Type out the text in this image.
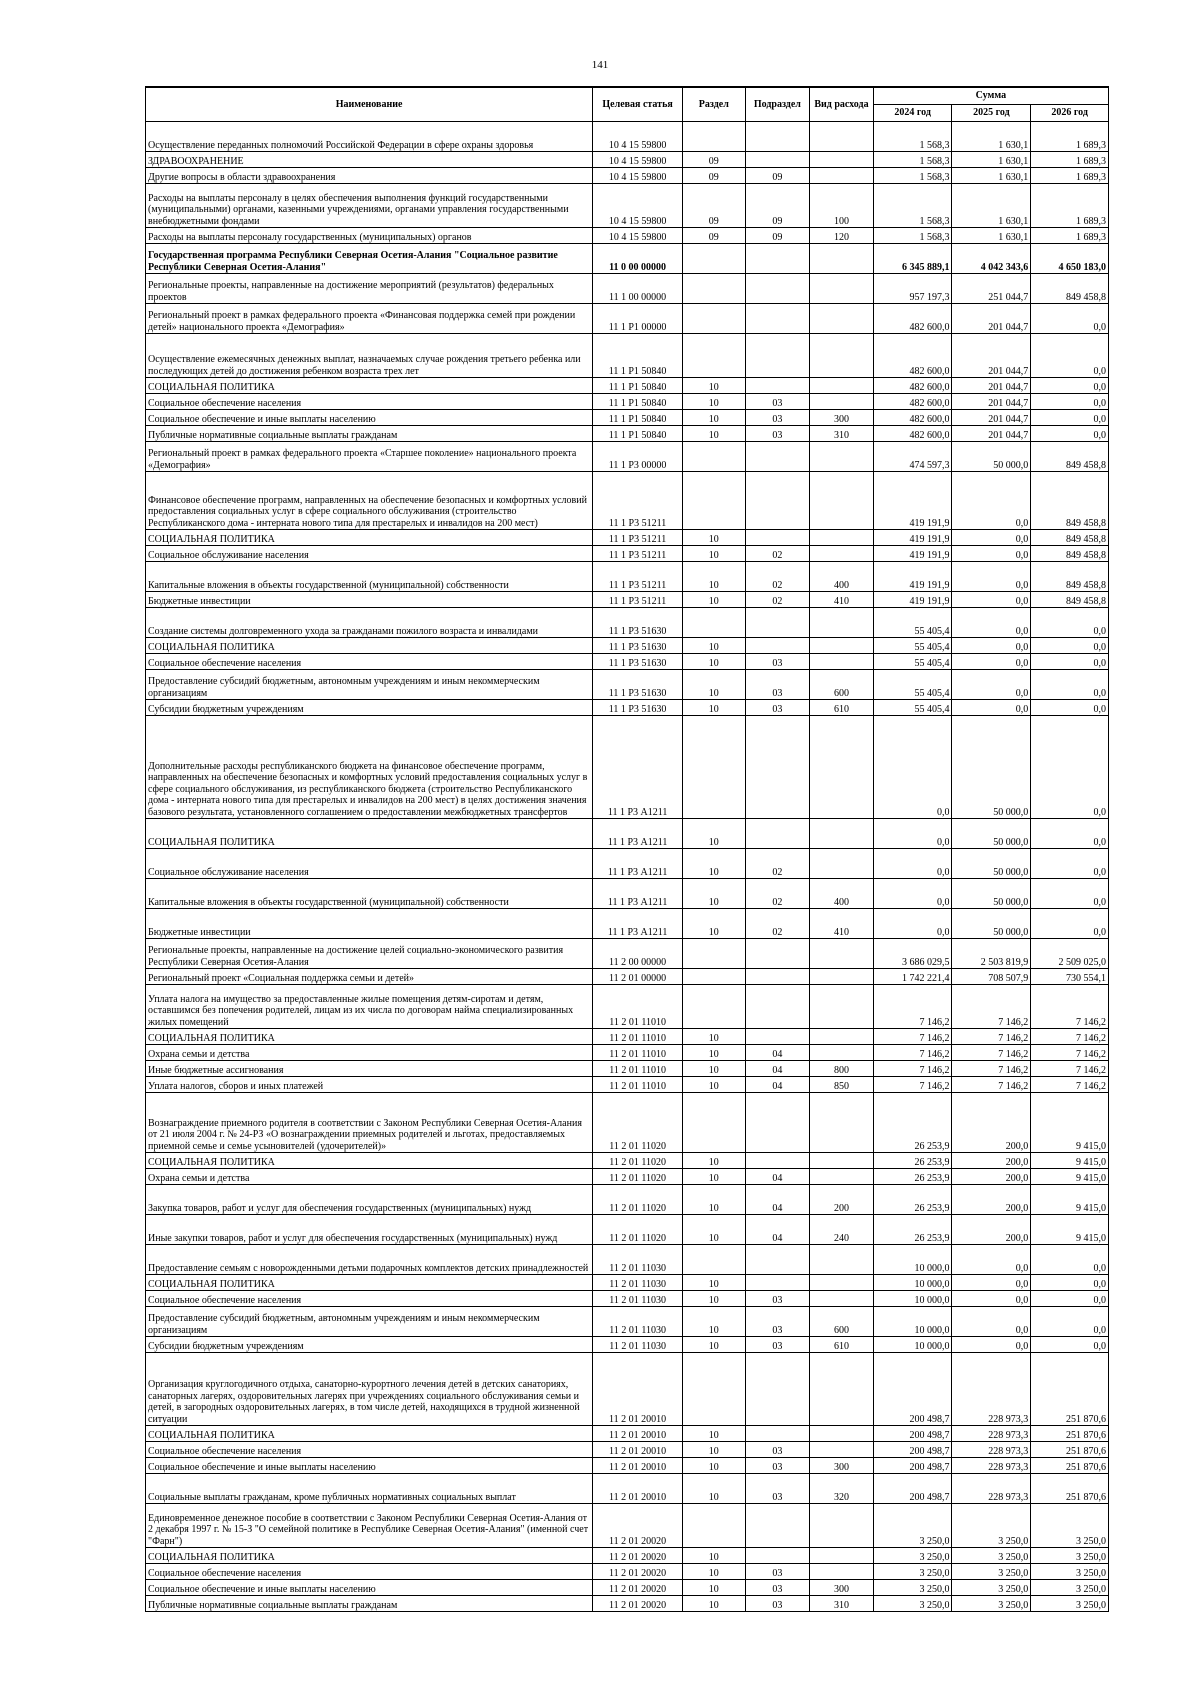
141
Наименование	Целевая статья	Раздел	Подраздел	Вид расхода	Сумма		
					2024 год	2025 год	2026 год
Осуществление переданных полномочий Российской Федерации в сфере охраны здоровья	10 4 15 59800				1 568,3	1 630,1	1 689,3
ЗДРАВООХРАНЕНИЕ	10 4 15 59800	09			1 568,3	1 630,1	1 689,3
Другие вопросы в области здравоохранения	10 4 15 59800	09	09		1 568,3	1 630,1	1 689,3
Расходы на выплаты персоналу в целях обеспечения выполнения функций государственными (муниципальными) органами, казенными учреждениями, органами управления государственными внебюджетными фондами	10 4 15 59800	09	09	100	1 568,3	1 630,1	1 689,3
Расходы на выплаты персоналу государственных (муниципальных) органов	10 4 15 59800	09	09	120	1 568,3	1 630,1	1 689,3
Государственная программа Республики Северная Осетия-Алания "Социальное развитие Республики Северная Осетия-Алания"	11 0 00 00000				6 345 889,1	4 042 343,6	4 650 183,0
Региональные проекты, направленные на достижение мероприятий (результатов) федеральных проектов	11 1 00 00000				957 197,3	251 044,7	849 458,8
Региональный проект в рамках федерального проекта «Финансовая поддержка семей при рождении детей» национального проекта «Демография»	11 1 Р1 00000				482 600,0	201 044,7	0,0
Осуществление ежемесячных денежных выплат, назначаемых случае рождения третьего ребенка или последующих детей до достижения ребенком возраста трех лет	11 1 Р1 50840				482 600,0	201 044,7	0,0
СОЦИАЛЬНАЯ ПОЛИТИКА	11 1 Р1 50840	10			482 600,0	201 044,7	0,0
Социальное обеспечение населения	11 1 Р1 50840	10	03		482 600,0	201 044,7	0,0
Социальное обеспечение и иные выплаты населению	11 1 Р1 50840	10	03	300	482 600,0	201 044,7	0,0
Публичные нормативные социальные выплаты гражданам	11 1 Р1 50840	10	03	310	482 600,0	201 044,7	0,0
Региональный проект в рамках федерального проекта «Старшее поколение» национального проекта «Демография»	11 1 Р3 00000				474 597,3	50 000,0	849 458,8
Финансовое обеспечение программ, направленных на обеспечение безопасных и комфортных условий предоставления социальных услуг в сфере социального обслуживания (строительство Республиканского дома - интерната нового типа для престарелых и инвалидов на 200 мест)	11 1 Р3 51211				419 191,9	0,0	849 458,8
СОЦИАЛЬНАЯ ПОЛИТИКА	11 1 Р3 51211	10			419 191,9	0,0	849 458,8
Социальное обслуживание населения	11 1 Р3 51211	10	02		419 191,9	0,0	849 458,8
Капитальные вложения в объекты государственной (муниципальной) собственности	11 1 Р3 51211	10	02	400	419 191,9	0,0	849 458,8
Бюджетные инвестиции	11 1 Р3 51211	10	02	410	419 191,9	0,0	849 458,8
Создание системы долговременного ухода за гражданами пожилого возраста и инвалидами	11 1 Р3 51630				55 405,4	0,0	0,0
СОЦИАЛЬНАЯ ПОЛИТИКА	11 1 Р3 51630	10			55 405,4	0,0	0,0
Социальное обеспечение населения	11 1 Р3 51630	10	03		55 405,4	0,0	0,0
Предоставление субсидий бюджетным, автономным учреждениям и иным некоммерческим организациям	11 1 Р3 51630	10	03	600	55 405,4	0,0	0,0
Субсидии бюджетным учреждениям	11 1 Р3 51630	10	03	610	55 405,4	0,0	0,0
Дополнительные расходы республиканского бюджета на финансовое обеспечение программ, направленных на обеспечение безопасных и комфортных условий предоставления социальных услуг в сфере социального обслуживания, из республиканского бюджета (строительство Республиканского дома - интерната нового типа для престарелых и инвалидов на 200 мест) в целях достижения значения базового результата, установленного соглашением о предоставлении межбюджетных трансфертов	11 1 Р3 А1211				0,0	50 000,0	0,0
СОЦИАЛЬНАЯ ПОЛИТИКА	11 1 Р3 А1211	10			0,0	50 000,0	0,0
Социальное обслуживание населения	11 1 Р3 А1211	10	02		0,0	50 000,0	0,0
Капитальные вложения в объекты государственной (муниципальной) собственности	11 1 Р3 А1211	10	02	400	0,0	50 000,0	0,0
Бюджетные инвестиции	11 1 Р3 А1211	10	02	410	0,0	50 000,0	0,0
Региональные проекты, направленные на достижение целей социально-экономического развития Республики Северная Осетия-Алания	11 2 00 00000				3 686 029,5	2 503 819,9	2 509 025,0
Региональный проект «Социальная поддержка семьи и детей»	11 2 01 00000				1 742 221,4	708 507,9	730 554,1
Уплата налога на имущество за предоставленные жилые помещения детям-сиротам и детям, оставшимся без попечения родителей, лицам из их числа по договорам найма специализированных жилых помещений	11 2 01 11010				7 146,2	7 146,2	7 146,2
СОЦИАЛЬНАЯ ПОЛИТИКА	11 2 01 11010	10			7 146,2	7 146,2	7 146,2
Охрана семьи и детства	11 2 01 11010	10	04		7 146,2	7 146,2	7 146,2
Иные бюджетные ассигнования	11 2 01 11010	10	04	800	7 146,2	7 146,2	7 146,2
Уплата налогов, сборов и иных платежей	11 2 01 11010	10	04	850	7 146,2	7 146,2	7 146,2
Вознаграждение приемного родителя в соответствии с Законом Республики Северная Осетия-Алания от 21 июля 2004 г. № 24-РЗ «О вознаграждении приемных родителей и льготах, предоставляемых приемной семье и семье усыновителей (удочерителей)»	11 2 01 11020				26 253,9	200,0	9 415,0
СОЦИАЛЬНАЯ ПОЛИТИКА	11 2 01 11020	10			26 253,9	200,0	9 415,0
Охрана семьи и детства	11 2 01 11020	10	04		26 253,9	200,0	9 415,0
Закупка товаров, работ и услуг для обеспечения государственных (муниципальных) нужд	11 2 01 11020	10	04	200	26 253,9	200,0	9 415,0
Иные закупки товаров, работ и услуг для обеспечения государственных (муниципальных) нужд	11 2 01 11020	10	04	240	26 253,9	200,0	9 415,0
Предоставление семьям с новорожденными детьми подарочных комплектов детских принадлежностей	11 2 01 11030				10 000,0	0,0	0,0
СОЦИАЛЬНАЯ ПОЛИТИКА	11 2 01 11030	10			10 000,0	0,0	0,0
Социальное обеспечение населения	11 2 01 11030	10	03		10 000,0	0,0	0,0
Предоставление субсидий бюджетным, автономным учреждениям и иным некоммерческим организациям	11 2 01 11030	10	03	600	10 000,0	0,0	0,0
Субсидии бюджетным учреждениям	11 2 01 11030	10	03	610	10 000,0	0,0	0,0
Организация круглогодичного отдыха, санаторно-курортного лечения детей в детских санаториях, санаторных лагерях, оздоровительных лагерях при учреждениях социального обслуживания семьи и детей, в загородных оздоровительных лагерях, в том числе детей, находящихся в трудной жизненной ситуации	11 2 01 20010				200 498,7	228 973,3	251 870,6
СОЦИАЛЬНАЯ ПОЛИТИКА	11 2 01 20010	10			200 498,7	228 973,3	251 870,6
Социальное обеспечение населения	11 2 01 20010	10	03		200 498,7	228 973,3	251 870,6
Социальное обеспечение и иные выплаты населению	11 2 01 20010	10	03	300	200 498,7	228 973,3	251 870,6
Социальные выплаты гражданам, кроме публичных нормативных социальных выплат	11 2 01 20010	10	03	320	200 498,7	228 973,3	251 870,6
Единовременное денежное пособие в соответствии с Законом Республики Северная Осетия-Алания от 2 декабря 1997 г. № 15-З "О семейной политике в Республике Северная Осетия-Алания" (именной счет "Фарн")	11 2 01 20020				3 250,0	3 250,0	3 250,0
СОЦИАЛЬНАЯ ПОЛИТИКА	11 2 01 20020	10			3 250,0	3 250,0	3 250,0
Социальное обеспечение населения	11 2 01 20020	10	03		3 250,0	3 250,0	3 250,0
Социальное обеспечение и иные выплаты населению	11 2 01 20020	10	03	300	3 250,0	3 250,0	3 250,0
Публичные нормативные социальные выплаты гражданам	11 2 01 20020	10	03	310	3 250,0	3 250,0	3 250,0
